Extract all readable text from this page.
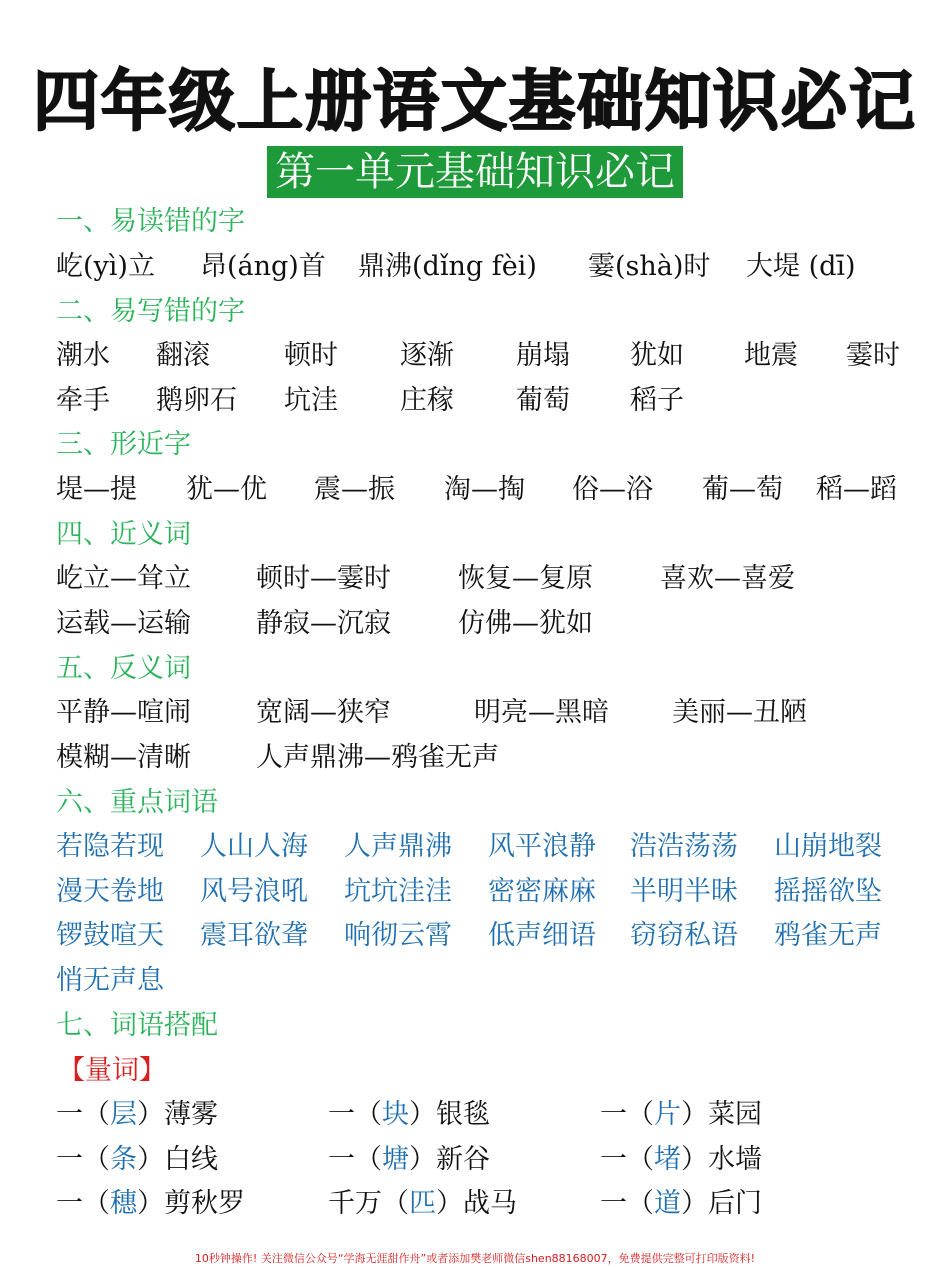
四年级上册语文基础知识必记
第一单元基础知识必记
一、易读错的字
屹(yì)立 昂(áng)首 鼎沸(dǐng fèi) 霎(shà)时 大堤 (dī)
二、易写错的字
潮水 翻滚	顿时 逐渐 崩塌 犹如 地震 霎时
牵手 鹅卵石 坑洼 庄稼 葡萄 稻子
三、形近字
堤—提 犹—优 震—振 淘—掏 俗—浴 葡—萄 稻—蹈
四、近义词
屹立—耸立 顿时—霎时 恢复—复原 喜欢—喜爱
运载—运输 静寂—沉寂 仿佛—犹如
五、反义词
平静—喧闹 宽阔—狭窄	明亮—黑暗 美丽—丑陋
模糊—清晰 人声鼎沸—鸦雀无声
六、重点词语
若隐若现 人山人海 人声鼎沸 风平浪静 浩浩荡荡 山崩地裂
漫天卷地 风号浪吼 坑坑洼洼 密密麻麻 半明半昧 摇摇欲坠
锣鼓喧天 震耳欲聋 响彻云霄 低声细语 窃窃私语 鸦雀无声
悄无声息
七、词语搭配
【量词】
一（层）薄雾	一（块）银毯	一（片）菜园
一（条）白线	一（塘）新谷	一（堵）水墙
一（穗）剪秋罗	千万（匹）战马	一（道）后门
10秒钟操作! 关注微信公众号“学海无涯甜作舟”或者添加樊老师微信shen88168007，免费提供完整可打印版资料!
